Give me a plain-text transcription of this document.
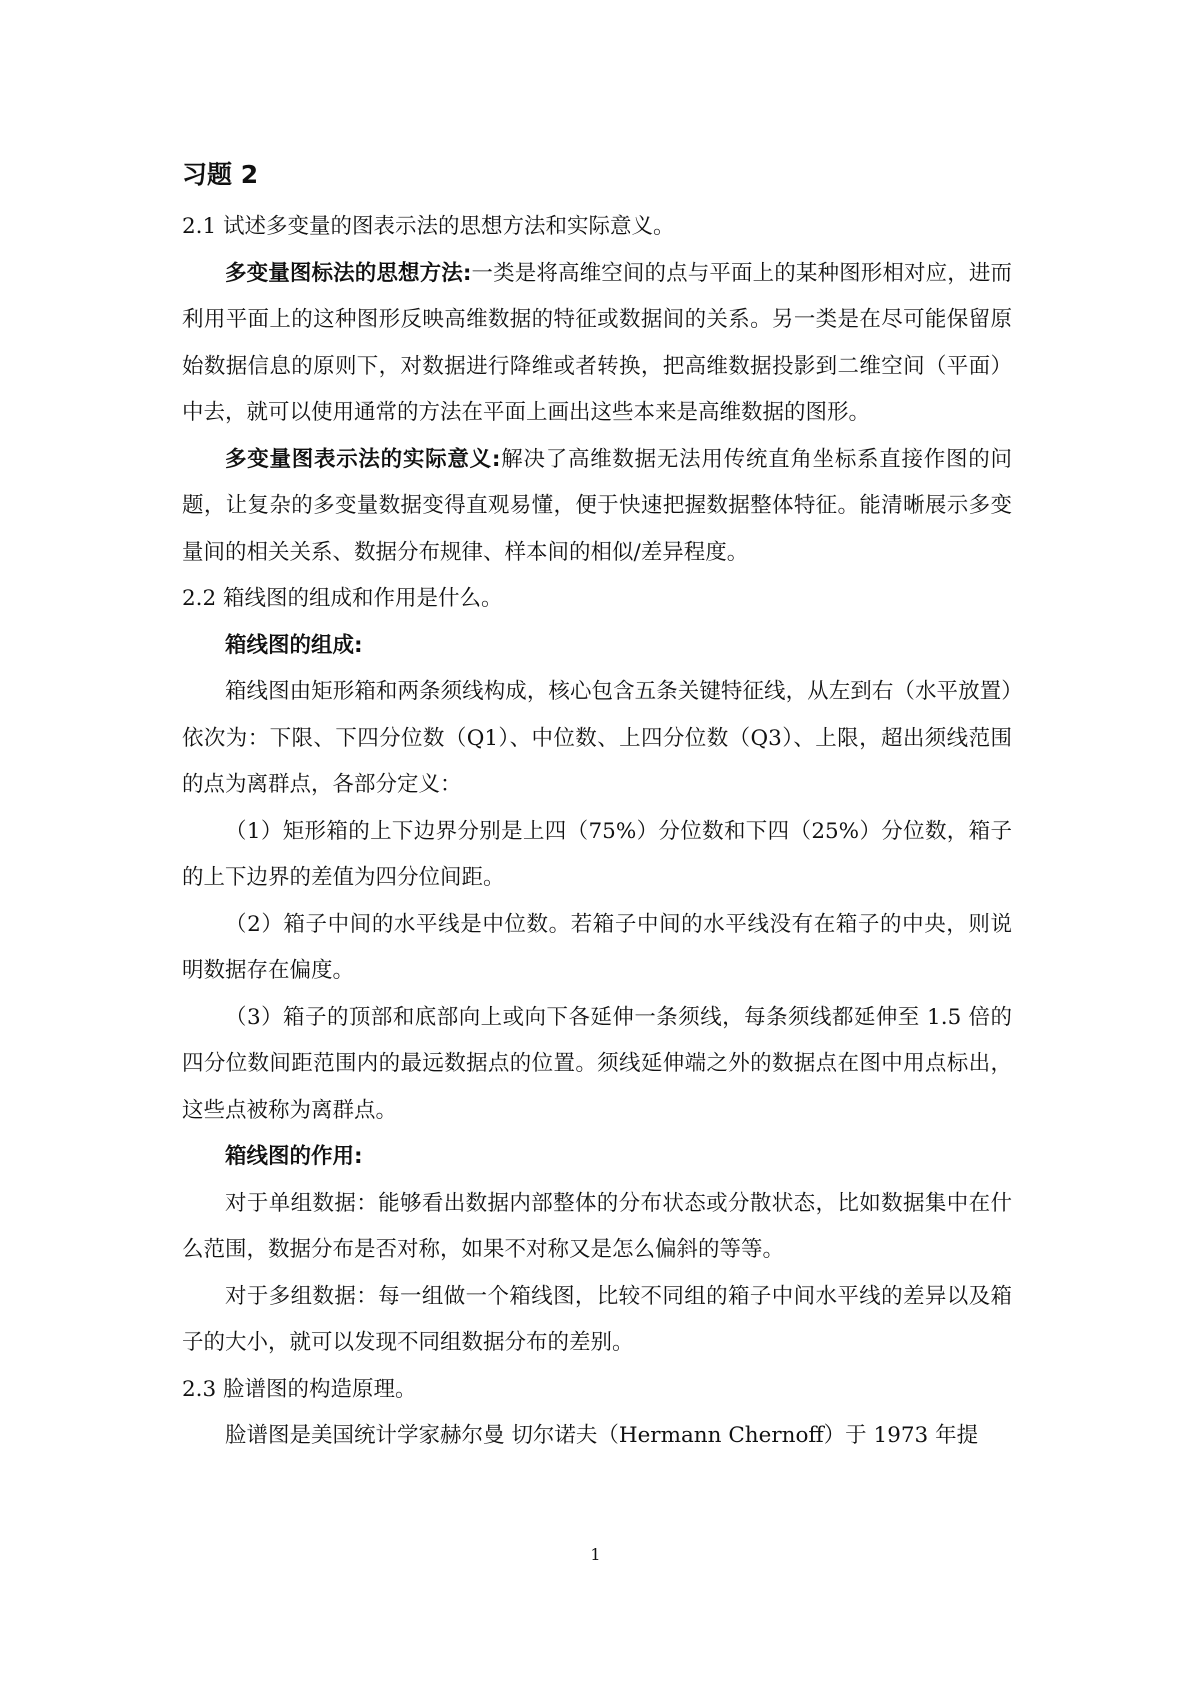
习题 2

2.1 试述多变量的图表示法的思想方法和实际意义。

多变量图标法的思想方法:一类是将高维空间的点与平面上的某种图形相对应，进而利用平面上的这种图形反映高维数据的特征或数据间的关系。另一类是在尽可能保留原始数据信息的原则下，对数据进行降维或者转换，把高维数据投影到二维空间（平面）中去，就可以使用通常的方法在平面上画出这些本来是高维数据的图形。

多变量图表示法的实际意义:解决了高维数据无法用传统直角坐标系直接作图的问题，让复杂的多变量数据变得直观易懂，便于快速把握数据整体特征。能清晰展示多变量间的相关关系、数据分布规律、样本间的相似/差异程度。

2.2 箱线图的组成和作用是什么。

箱线图的组成:

箱线图由矩形箱和两条须线构成，核心包含五条关键特征线，从左到右（水平放置）依次为：下限、下四分位数（Q1）、中位数、上四分位数（Q3）、上限，超出须线范围的点为离群点，各部分定义：

（1）矩形箱的上下边界分别是上四（75%）分位数和下四（25%）分位数，箱子的上下边界的差值为四分位间距。

（2）箱子中间的水平线是中位数。若箱子中间的水平线没有在箱子的中央，则说明数据存在偏度。

（3）箱子的顶部和底部向上或向下各延伸一条须线，每条须线都延伸至 1.5 倍的四分位数间距范围内的最远数据点的位置。须线延伸端之外的数据点在图中用点标出，这些点被称为离群点。

箱线图的作用:

对于单组数据：能够看出数据内部整体的分布状态或分散状态，比如数据集中在什么范围，数据分布是否对称，如果不对称又是怎么偏斜的等等。

对于多组数据：每一组做一个箱线图，比较不同组的箱子中间水平线的差异以及箱子的大小，就可以发现不同组数据分布的差别。

2.3 脸谱图的构造原理。

脸谱图是美国统计学家赫尔曼 切尔诺夫（Hermann Chernoff）于 1973 年提

1
